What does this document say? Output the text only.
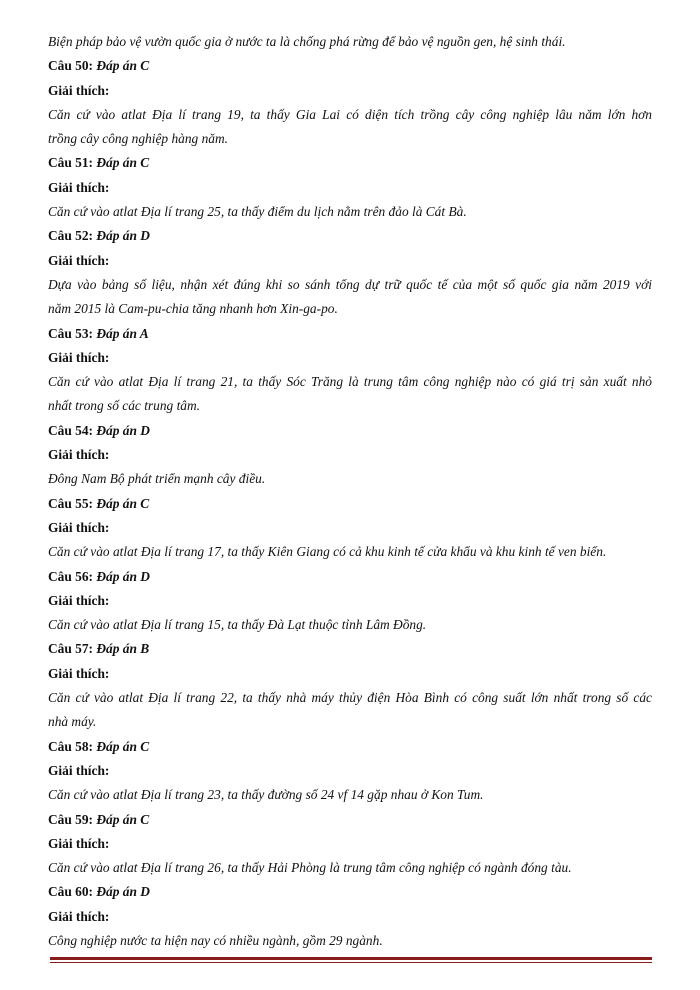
Biện pháp bảo vệ vườn quốc gia ở nước ta là chống phá rừng để bảo vệ nguồn gen, hệ sinh thái.
Câu 50: Đáp án C
Giải thích:
Căn cứ vào atlat Địa lí trang 19, ta thấy Gia Lai có diện tích trồng cây công nghiệp lâu năm lớn hơn
trồng cây công nghiệp hàng năm.
Câu 51: Đáp án C
Giải thích:
Căn cứ vào atlat Địa lí trang 25, ta thấy điểm du lịch nằm trên đảo là Cát Bà.
Câu 52: Đáp án D
Giải thích:
Dựa vào bảng số liệu, nhận xét đúng khi so sánh tổng dự trữ quốc tế của một số quốc gia năm 2019 với
năm 2015 là Cam-pu-chia tăng nhanh hơn Xin-ga-po.
Câu 53: Đáp án A
Giải thích:
Căn cứ vào atlat Địa lí trang 21, ta thấy Sóc Trăng là trung tâm công nghiệp nào có giá trị sản xuất nhỏ
nhất trong số các trung tâm.
Câu 54: Đáp án D
Giải thích:
Đông Nam Bộ phát triển mạnh cây điều.
Câu 55: Đáp án C
Giải thích:
Căn cứ vào atlat Địa lí trang 17, ta thấy Kiên Giang có cả khu kinh tế cửa khẩu và khu kinh tế ven biển.
Câu 56: Đáp án D
Giải thích:
Căn cứ vào atlat Địa lí trang 15, ta thấy Đà Lạt thuộc tỉnh Lâm Đồng.
Câu 57: Đáp án B
Giải thích:
Căn cứ vào atlat Địa lí trang 22, ta thấy nhà máy thủy điện Hòa Bình có công suất lớn nhất trong số các
nhà máy.
Câu 58: Đáp án C
Giải thích:
Căn cứ vào atlat Địa lí trang 23, ta thấy đường số 24 vf 14 gặp nhau ở Kon Tum.
Câu 59: Đáp án C
Giải thích:
Căn cứ vào atlat Địa lí trang 26, ta thấy Hải Phòng là trung tâm công nghiệp có ngành đóng tàu.
Câu 60: Đáp án D
Giải thích:
Công nghiệp nước ta hiện nay có nhiều ngành, gồm 29 ngành.
